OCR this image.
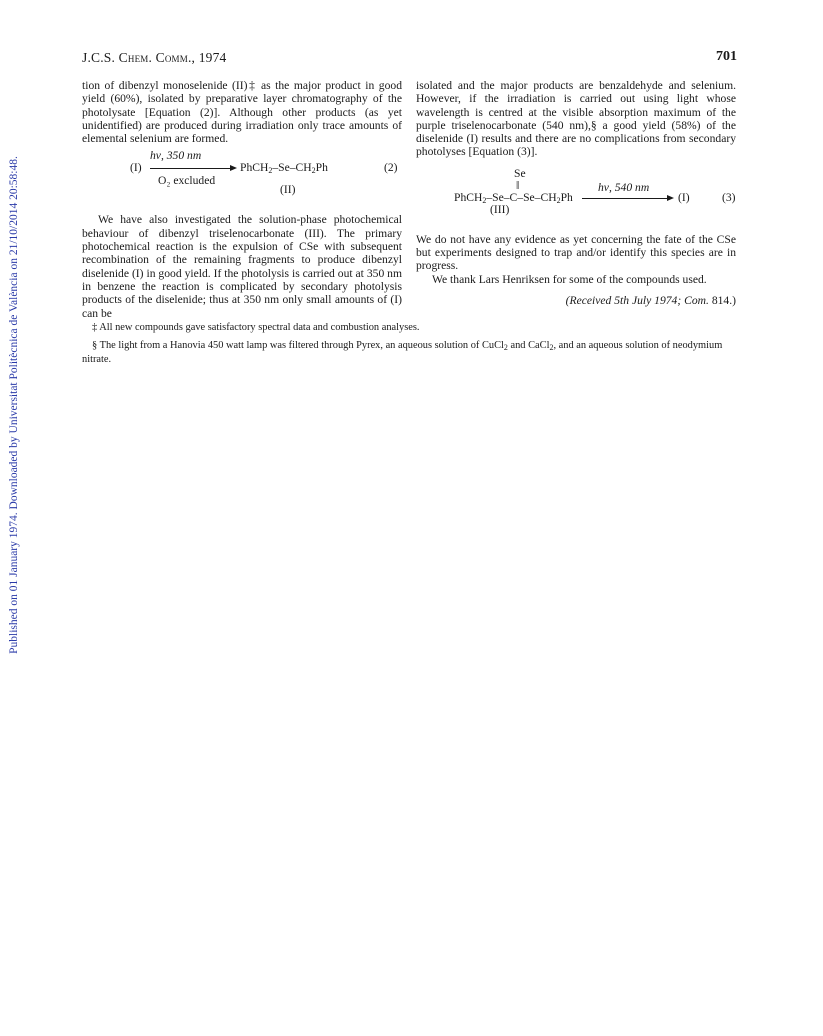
Published on 01 January 1974. Downloaded by Universitat Politècnica de València on 21/10/2014 20:58:48.
J.C.S. Chem. Comm., 1974	701

tion of dibenzyl monoselenide (II)‡ as the major product in good yield (60%), isolated by preparative layer chromatography of the photolysate [Equation (2)]. Although other products (as yet unidentified) are produced during irradiation only trace amounts of elemental selenium are formed.

hν, 350 nm
(I)	$PhCH_2-Se-CH_2Ph$	(2)
O₂ excluded
(II)

We have also investigated the solution-phase photochemical behaviour of dibenzyl triselenocarbonate (III). The primary photochemical reaction is the expulsion of CSe with subsequent recombination of the remaining fragments to produce dibenzyl diselenide (I) in good yield. If the photolysis is carried out at 350 nm in benzene the reaction is complicated by secondary photolysis products of the diselenide; thus at 350 nm only small amounts of (I) can be

isolated and the major products are benzaldehyde and selenium. However, if the irradiation is carried out using light whose wavelength is centred at the visible absorption maximum of the purple triselenocarbonate (540 nm),§ a good yield (58%) of the diselenide (I) results and there are no complications from secondary photolyses [Equation (3)].

Se
‖	hν, 540 nm
$PhCH_2-Se-C-Se-CH_2Ph$	(I)	(3)
(III)

We do not have any evidence as yet concerning the fate of the CSe but experiments designed to trap and/or identify this species are in progress.

We thank Lars Henriksen for some of the compounds used.

(Received 5th July 1974; Com. 814.)
‡ All new compounds gave satisfactory spectral data and combustion analyses.

§ The light from a Hanovia 450 watt lamp was filtered through Pyrex, an aqueous solution of CuCl$_2$ and CaCl$_2$, and an aqueous solution of neodymium nitrate.
